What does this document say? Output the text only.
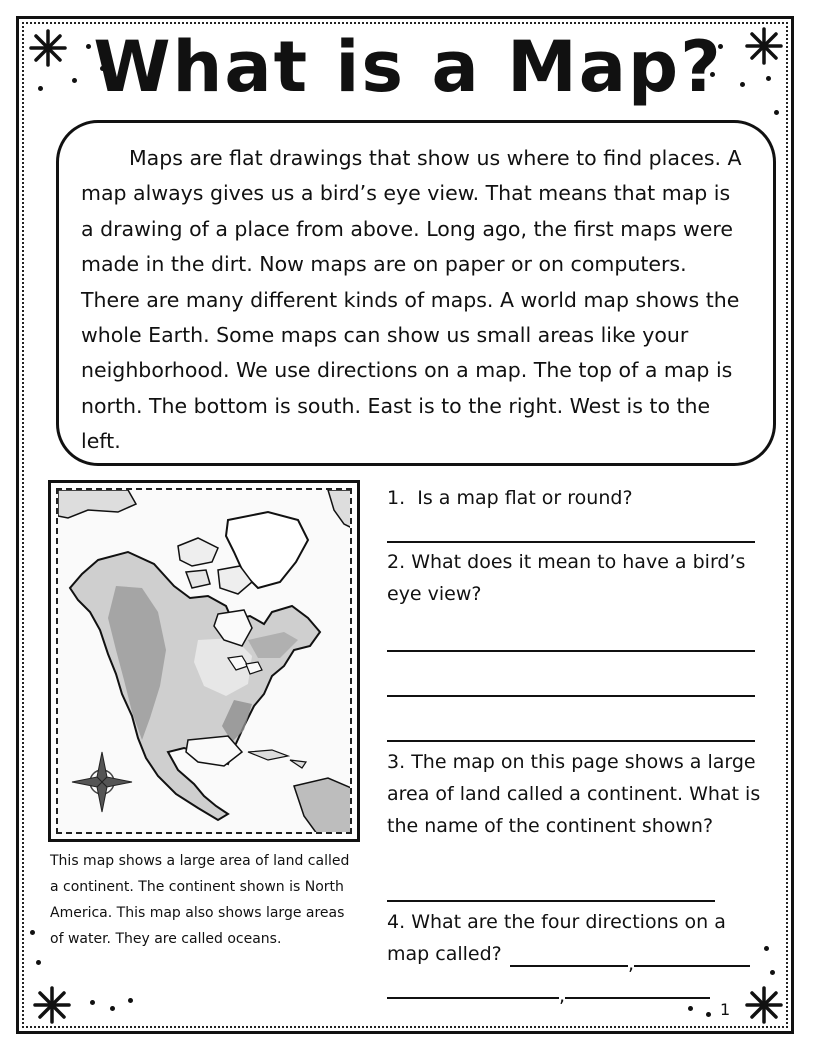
What is a Map?

Maps are flat drawings that show us where to find places. A map always gives us a bird’s eye view. That means that map is a drawing of a place from above. Long ago, the first maps were made in the dirt. Now maps are on paper or on computers. There are many different kinds of maps. A world map shows the whole Earth. Some maps can show us small areas like your neighborhood. We use directions on a map. The top of a map is north. The bottom is south. East is to the right. West is to the left.

This map shows a large area of land called a continent. The continent shown is North America. This map also shows large areas of water. They are called oceans.

1. Is a map flat or round?

2. What does it mean to have a bird’s eye view?

3. The map on this page shows a large area of land called a continent. What is the name of the continent shown?

4. What are the four directions on a map called?	,
,
1
